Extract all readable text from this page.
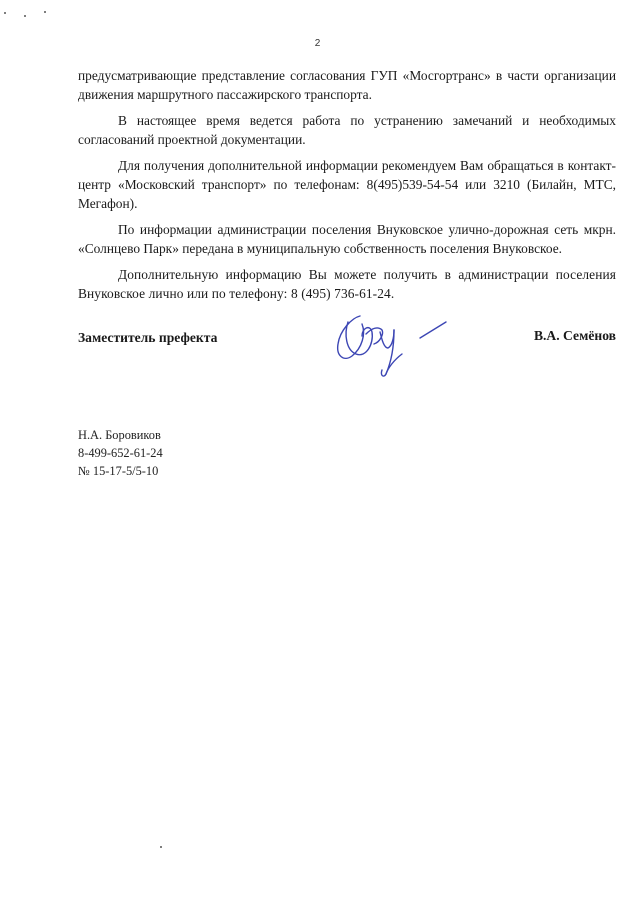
2

предусматривающие представление согласования ГУП «Мосгортранс» в части организации движения маршрутного пассажирского транспорта.

В настоящее время ведется работа по устранению замечаний и необходимых согласований проектной документации.

Для получения дополнительной информации рекомендуем Вам обращаться в контакт-центр «Московский транспорт» по телефонам: 8(495)539-54-54 или 3210 (Билайн, МТС, Мегафон).

По информации администрации поселения Внуковское улично-дорожная сеть мкрн. «Солнцево Парк» передана в муниципальную собственность поселения Внуковское.

Дополнительную информацию Вы можете получить в администрации поселения Внуковское лично или по телефону: 8 (495) 736-61-24.

Заместитель префекта	В.А. Семёнов
Н.А. Боровиков
8-499-652-61-24
№ 15-17-5/5-10
